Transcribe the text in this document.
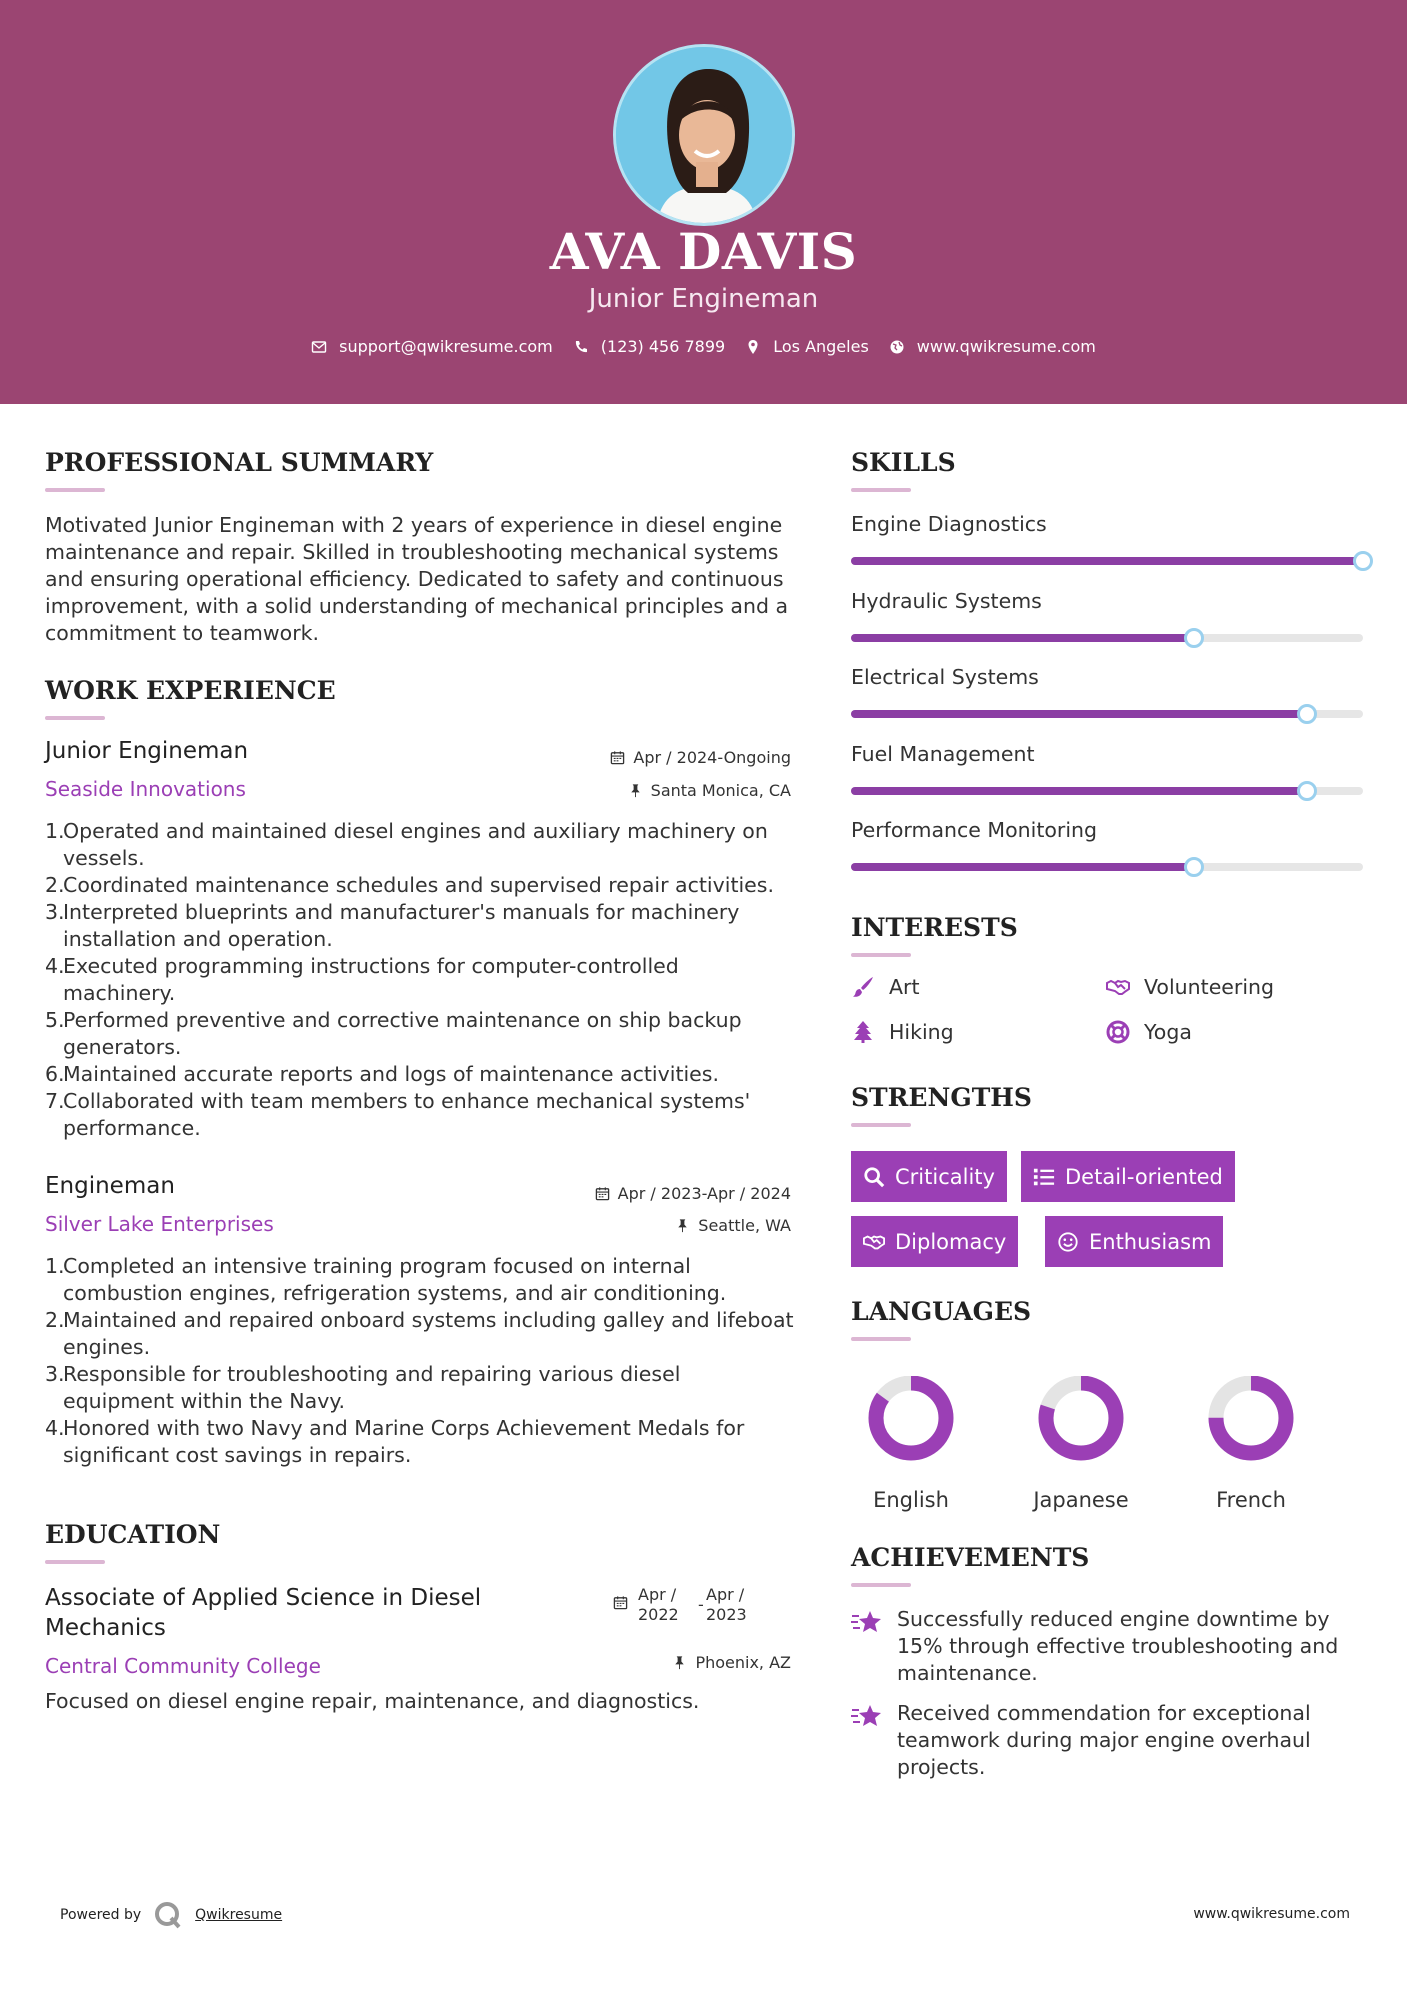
AVA DAVIS
Junior Engineman
support@qwikresume.com	(123) 456 7899	Los Angeles	www.qwikresume.com
PROFESSIONAL SUMMARY
Motivated Junior Engineman with 2 years of experience in diesel engine maintenance and repair. Skilled in troubleshooting mechanical systems and ensuring operational efficiency. Dedicated to safety and continuous improvement, with a solid understanding of mechanical principles and a commitment to teamwork.
WORK EXPERIENCE
Junior Engineman	Apr / 2024-Ongoing
Seaside Innovations	Santa Monica, CA
1.
Operated and maintained diesel engines and auxiliary machinery on vessels.
2.
Coordinated maintenance schedules and supervised repair activities.
3.
Interpreted blueprints and manufacturer's manuals for machinery installation and operation.
4.
Executed programming instructions for computer-controlled machinery.
5.
Performed preventive and corrective maintenance on ship backup generators.
6.
Maintained accurate reports and logs of maintenance activities.
7.
Collaborated with team members to enhance mechanical systems' performance.
Engineman	Apr / 2023-Apr / 2024
Silver Lake Enterprises	Seattle, WA
1.
Completed an intensive training program focused on internal combustion engines, refrigeration systems, and air conditioning.
2.
Maintained and repaired onboard systems including galley and lifeboat engines.
3.
Responsible for troubleshooting and repairing various diesel equipment within the Navy.
4.
Honored with two Navy and Marine Corps Achievement Medals for significant cost savings in repairs.
EDUCATION
Associate of Applied Science in Diesel Mechanics
Apr /
2022
-
Apr /
2023
Central Community College	Phoenix, AZ
Focused on diesel engine repair, maintenance, and diagnostics.
SKILLS
Engine Diagnostics
Hydraulic Systems
Electrical Systems
Fuel Management
Performance Monitoring
INTERESTS
Art	Volunteering
Hiking	Yoga
STRENGTHS
Criticality	Detail-oriented
Diplomacy	Enthusiasm
LANGUAGES
English	Japanese	French
ACHIEVEMENTS
Successfully reduced engine downtime by 15% through effective troubleshooting and maintenance.
Received commendation for exceptional teamwork during major engine overhaul projects.
Powered by	Qwikresume	www.qwikresume.com
